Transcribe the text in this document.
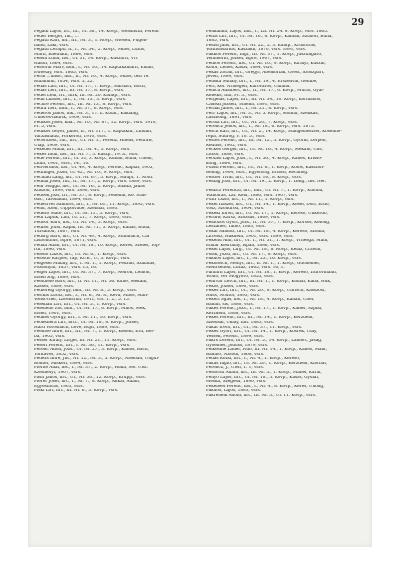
29
Fegadi Lajoš, frt., IX., Ul. 36., 14. Kovp., Weismuth, Ferenc
Feder Bergel, rnt., ...
Fegatil Karl, mr., III., Nr. 3., 1. Rovp., Wiesen, Fugen-
hand, Laki, vsrs.
Fegatil Lerapti, lr., I., Nr. 34., 2. Kovp., Milos, Lufus,
Marn, Baethadt, 1864, vsrs.
Felelil Lunir, ibs., Ul. 31, 14. Kovp., Kuszurit, Vrt
Halon, 1864, vsrs.
Feloorai Marv, ibm., I., Nr. 10., 14. Kaptakamarh, Eman,
Ewiesay, vsrs. 1865, vsrs.
Ferm ...unsic, lnlt., II., Nr. 10., 4. Kovp., Milos, tesr re.
Rubamim, 1854, vsrs. 5, 22.
Fedas Larl, lirt., Ul. Nr. 17., 7. Kovp., Harnaci, Buch,
Fedas Lerl, lirt., III. Nr. 17., 8. Kovp., vsrs.
Fedel Lehl, frt., Inrk, III. Nr. 20. Klump., vsrs.
Fedll Lilauer, lirt., I., Nr. 13., 3. Kovp., vsrs.
Fechre Ferenc, lirt., III. Nr. 13., 8. Kovp., vsrs.
Fedra Lerl, ibm., I., Nr. 37., 6. Kovp., vsrs.
Federos Janos, lnk., Nr. 3., 17. Z. Kuun., Kaklang,
Unleres-hadrik, 1909, vsrs.
Fedikos Josef, kna., Nr. 10., Nr. 87., 12. Kovp., vsrs. 1910,
Fr. 5, vsrs.
Fedikos Geyer, Jalter, II., Nr. 117., 1. Kaptakm., Lindan,
Varzashaud, Porkerod, 1910, vsrs.
Fecerszest, rnt., lirt., UI. Nr. 1., Ferenz, Hilens, Fedraw,
Ulap, 1909, vsrs.
Fekedel Mihai, lirt., III., Nr. 4., 3. Kovp., vsrs.
Fekes Inuil, ibs., III. Nr. 7., 3. Kaszp., 19. a., vsrs.
Fede Ferenc, lirt., Ul. 31, 3. Kovp., Kuban, Buna, Ullem,
Lidm, 1901, vsrs., 14., 10.
Feli-lerdnol, ibs., Ul. 49., 4. Kovp., Ferenc, Kaplar, 1905,
Fedthigel, Jozef, Ul. 42., Nr. 10., 9. Kovp., vsrs.
Fechlad Lang, lnt., UI. Nr. 67., 5. Kovp., Haupt, 1. Nrsd.
Fedhal Josef, rnt., II., Nr. 17., 2. Kovp., vsrs. 1889, vsrs.
Fehr Huggil, ibs., UI. Nr. 16., 2. Kovp., Snada, Jallas
Kuszon, 1899, vsrs. 1890, vsrs.
Fedoek Jozs, frt., Nr. 37., 8. Kovp., Fedehm, Ke. Ivan-
ods., Tarehadm, 1894, vsrs.
Fedesrvel Sandors, lirt., I., Nr. 61., 11. Kovp., 1895, vsrs.
Fend, Szell, Ulppolvade, Szebnal, 1893.
Fedezo Mate, lirt., UI. Nr. 11., 5. Kovp., vsrs.
Fedi Laptik, Lini, UI. 21., 7. Kovp., 1893, vsrs.
Fedoor Bars, ibs., UI. Nr. 14., 3. Kovp., vsrs.
Fedbor Jozsi, Kaplk, III. Nr. 71., 3. Kovp., Kailas, Buda,
Tursaltod, 1867, vsrs.
Fedsrg Bars, lirt., UI. Nr. 49., 4. Kovp., Stumnach, Car
Lisbonthus, Ispre, 1871, vsrs.
Fedali Adan, lirt., UI. Nr. 18., 10. Kovp., Keres, Szeles, Top-
rth, 1896, vsrs.
Feledo Lazos, lirt., UI. Nr. 6., 1. Kovp., vsrs.
Felosdo Karpes, Tap, KUB., U., 3. Kovp., vsrs.
Felgesel Mihaly, lirt., I. Nr. 1., 1. Kovp., Fedran, Szalatas,
Pozsonym, 1857, vsrs. 15, 16.
Felgel Lajos, lirt., UI. Nr. 37., 7. Kovp., Nelron, Lemon,
Eisen zog, 1889, vsrs.
Feelthele Bars, lirt., II. Nr. 11., Nr. 36. Kune, Mekam,
Kasser, 1889, vsrs.
Fedlereig Gyorgy, bmi., III. Nr. 8., 5. Kovp., vsrs.
Felckis Lucsz, ibs., I., Nr. 6., Nr. 8., Keva, Milos, Mah-
Weist-rner, Lavensrim, 1911, vrs. 1. 2., 5. 15.
Feleklan Lirt, lirt., UI. Nr. 5., 1. Kovp., vsrs.
Feledeno Zol, bmi., UI. Nr. 17., 6. Kovp., Milos, Mek,
Eisen, 1901, vsrs.
Fedkes Gyorgy, lirt., I. Nr. 11., 10. Kovp., vsrs.
Feolediera Lirt, brtt., UI. Nr. 18., 8. Kovp., Jozsef,
Hard Vorosnach, Leve, Bujn, 1889, vsrs.
Feelhoe Imre, lirt., III., Nr. 7., 1. Kovp., Kesem, Erd, Ber-
ba, 1905, vsrs.
Fesser Kiraly, Lirgel, III. Nr. 21., 11. Kovp., vsrs.
Feseri Ferenc, lirt., I. Nr. 36., 11. Kovp., vsrs.
Ferenc Adolf, Jozs., UI. Nr. 27., 3. Kovp., Kanos, Bach,
Torkaves, 1852, vsrs.
Fedezs Imre, Jnt., Nr. 12., Nr. 3., 5. Kovp., Niseban, Ungul-
Bonter, Miskeri, 1894, vsrs.
Fierhe Anal, ibs., I., Nr. 37., 2. Kovp., Huka, Mo. Ulst.
Kzedhelyt, 1907, vsrs.
Fasfl Janos, lirt., Ul., Nr. 30., 12. Kovp., Krupp., vsrs.
Fierer Josef, lirt., I., Nr. 7., 8. Kovp., Ankal, Adam,
Egyeshivas, 1903, vsrs.
Fiskl Lirt, lirt., III. Nr. 6., 3. Kovp., vsrs.
Fenkamm, Lajos, Inlt., I., Lit. Nr. 24. 8. Kovp., vsrs. 1865.
Feltis Lirf, lirt., UI. Nr. 16., 8. Kovp., Kaman, Szullon, Buna,
1885, vsrs.
Feldsi Jans, lirt., UI. Nr. 22., 2. 3. Kump., Krustoras,
Wathoasarms, Kaszakh, 1870, vsrs. 1891, vsrs.
Fakkos Ferenc, Ingl., III. Nr. 37., 1. Kovp., Jusztingaro,
Velnmerm, Jozsef, Ispre, 1907, vsrs.
Fedlos Ferenc, ibs., UI. Nr. 10., 9. Kovp., Kiralyi, Kuszm,
Kotor, Lenes, Kasar, 1884, vsrs.
Fekas Zoran, lirt., Gregyi, Abelkoriak, Orest, Szoszpart,
Jeven, 1899, vsrs.
Fenska Mihaly, lirt., I., Nr. 19., 4. Erszenval, Gembe,
Feri, Kel. Nrmegen, Karovaros, Unland.
Fenica Adalbert, lirt., II., Nr. 17., 6. Kovp., Murat, Gyal-
Keledis, Inlt, Fr. 3., vsrs.
Fergelas, Lajos, lirt., III. Nr. 34., 10. Kovp., Kormanos,
Cadeal Jozsefi, Tshelm, 1891, vsrs.
Fernal Janos, lirt., I., Nr. 21., 8. Kovp., vsrs.
Ferr Lajos, lnt., Nr. 3., Nr. 5. Kovp., Molnar, Szelikas,
Laszbong, 1891, vsrs.
Fertsa Lirt, lirt., UI., Nr. 20., 7. Kovp., vsrs.
Ferencz Jenos, lirt., I., Nr. 18., 6. Kovp., vsrs. 1875.
Fesch Karl, lirt., UI., Nr. 2., 14. Kovp., Stangemeszter, Kosenho-
repa, Sudrog, v. 10. 5., vsrs.
Festes Ferenc, lirt., III. Nr. 12., 5. Kovp., Gyorm, Lerpen,
Kedfiss, 1902, vsrs.
Feckes Gerger, lirt., UI. Nr. 16., 4. Kovp., Mekam, Ulis,
Lozso, 1888, vsrs.
Feotasi Lajos, Jozs., I., Nr. 36., 4. Kovp., Kanes, Krisso-
kong, 1864, vsrs.
Fulssi Ferenc, lirt., UI., Nr. 8., 1. Kovp., Kolos, Kasszon-
Bendg, 1904, vsrs., Egyetorig, Erdosi, Rechnog.
Feister Tivar, lirt., UI., Nr. 16., 8. Kovp., vsrs.
Feldag Jozs, lirt., UI. Nr. 19., 2. Kovp., 1. Leng., ibs. Ner.
Feldicz Ferenczi, lirt., Inlt., UI. Nr. 7., 1. Kovp., Kuloba,
Wallolras, Lat. Kelu, 1886, vsrs. 1907, vsrs.
Fultr Lszlo, lirt., I., Nr. 11., 1. Kovp., vsrs.
Fekel Ifaszer, lirt., UI., Nr. 14., 1. Kovp., Kesel, Dori, Erdo,
vosz, Szondrod, 1904, vsrs.
Fekeki Inrwl, lirt., UI. Nr. 17., 1. Kovp., Kereso, Unkerdo,
Ferniw, Karsz, Szozsas, 1869, vsrs.
Feldozos Gyori, Jozs., II., Nr. 37., 7. Kovp., Korsos, Kelong,
Leszanes, Tamo, 1883, vsrs.
Fokal Sandoz, lirt., UI. Nr. 18., 4. Kovp., Kereso, Szonin,
Litvelsz, Hakdem, 1901, vsrs. 1899, vsrs.
Fekend Ann, lirt., UI. 1., Nr. 31., 1. Kovp., Vrnesga, Mahl,
Eduar Kesrimay, Ispan, 1886, vsrs.
Fekel Lajos, Lirg., UI. Nr. 18., 8. Rovp., Kelaz, Crawm,
Folsk, Jozsi, lirt., UI. Nr. 17., 8. Kovp., vsrs.
Fakdos Lajos, lirt., I., Nr. 23., 16. Kovp., vsrs.
Fekolosch, Menyt, lirt., II. Nr. 1., 1. Kovp., Guonemer,
Mehrsetlen, Lozaz, 1865, vsrs. 16, 1.
Faluhrn Lajos, lirt., UI. Nr. 18., 1. Kovp., Kereso, Zsirovmann,
Wolfo, ver Mogyoro, 1855, vsrs.
Fehrvar Lerch, lirt., III. Nr. 1., 1. Kovp., Kolnai, Kaba, Huk,
Fekte, Jozsef, 1890, vsrs.
Fekes Lirt, lirt., UI., Nr. 20., 8. Kovp., Ullrisch, Kasszosi,
Huss, Noutor, 1893, vsrs.
Fekerl Sgas, ibs., I., Nr. 18., 4. Kovp., Kanan, Uller,
Bamin, sis, 1880, vsrs.
Fakes Ferenc, Jozs., I., Nr. 17., 1. Kovp., Kanes, Szplaf,
Kerzdem, 1888, vsrs.
Fekes Ferenc, lirt., III., Nr. 14., 1. Kovp., Kerzdem,
Sziedsal, Uklay, Inlt. 1883, vsrs.
Fakar Irecs, lirt., UI., Nr. 37., 11. Kovp., vsrs.
Fekes Gyori, lirt., UI. Nr. 14., 1. Kovp., Kosrek, Ulay,
Vessek, Ferenc, 1899, vsrs.
Fakrs Lerent, lirt., UI. Nr. 5., 14. Kovp., Lamert, Jasag,
Gyoemes, Jonuss, 1879, vsrs.
Felkesme Lnder, Ivdo, III. Nr. 14., 1. Kovp., Kanes, Malir,
Bambo, Nzsodi, 1868, vsrs.
Fedas Kozsi, lirt., I., Nr. 4., 1. Kovp., Kereso,
Fakas Inglo, lirt., UI. Nr. 20., 1. Kovp., Kerzdem, Klorbat,
Ferencz, J., Ulwi, 1. 1, vsrs.
Felsorsti Adam, lirt., III. Nr. 5., 1. Kovp., Mabel, Karal,
Fenyo Lajos, lirt., UI. Nr. 18., 5. Kovp., Kaszs, Gyulal,
Meska, Szegesd, 1890, vsrs.
Fekebeel Ferenc, ibs., I., Nr. 4., 8. Kovp., Keres, Ullong,
Fakdos, Lajos, 1883, vsrs.
Fakreneik Adom, lirt., III. Nr. 5., Ul. 11. Kovp., vsrs.
